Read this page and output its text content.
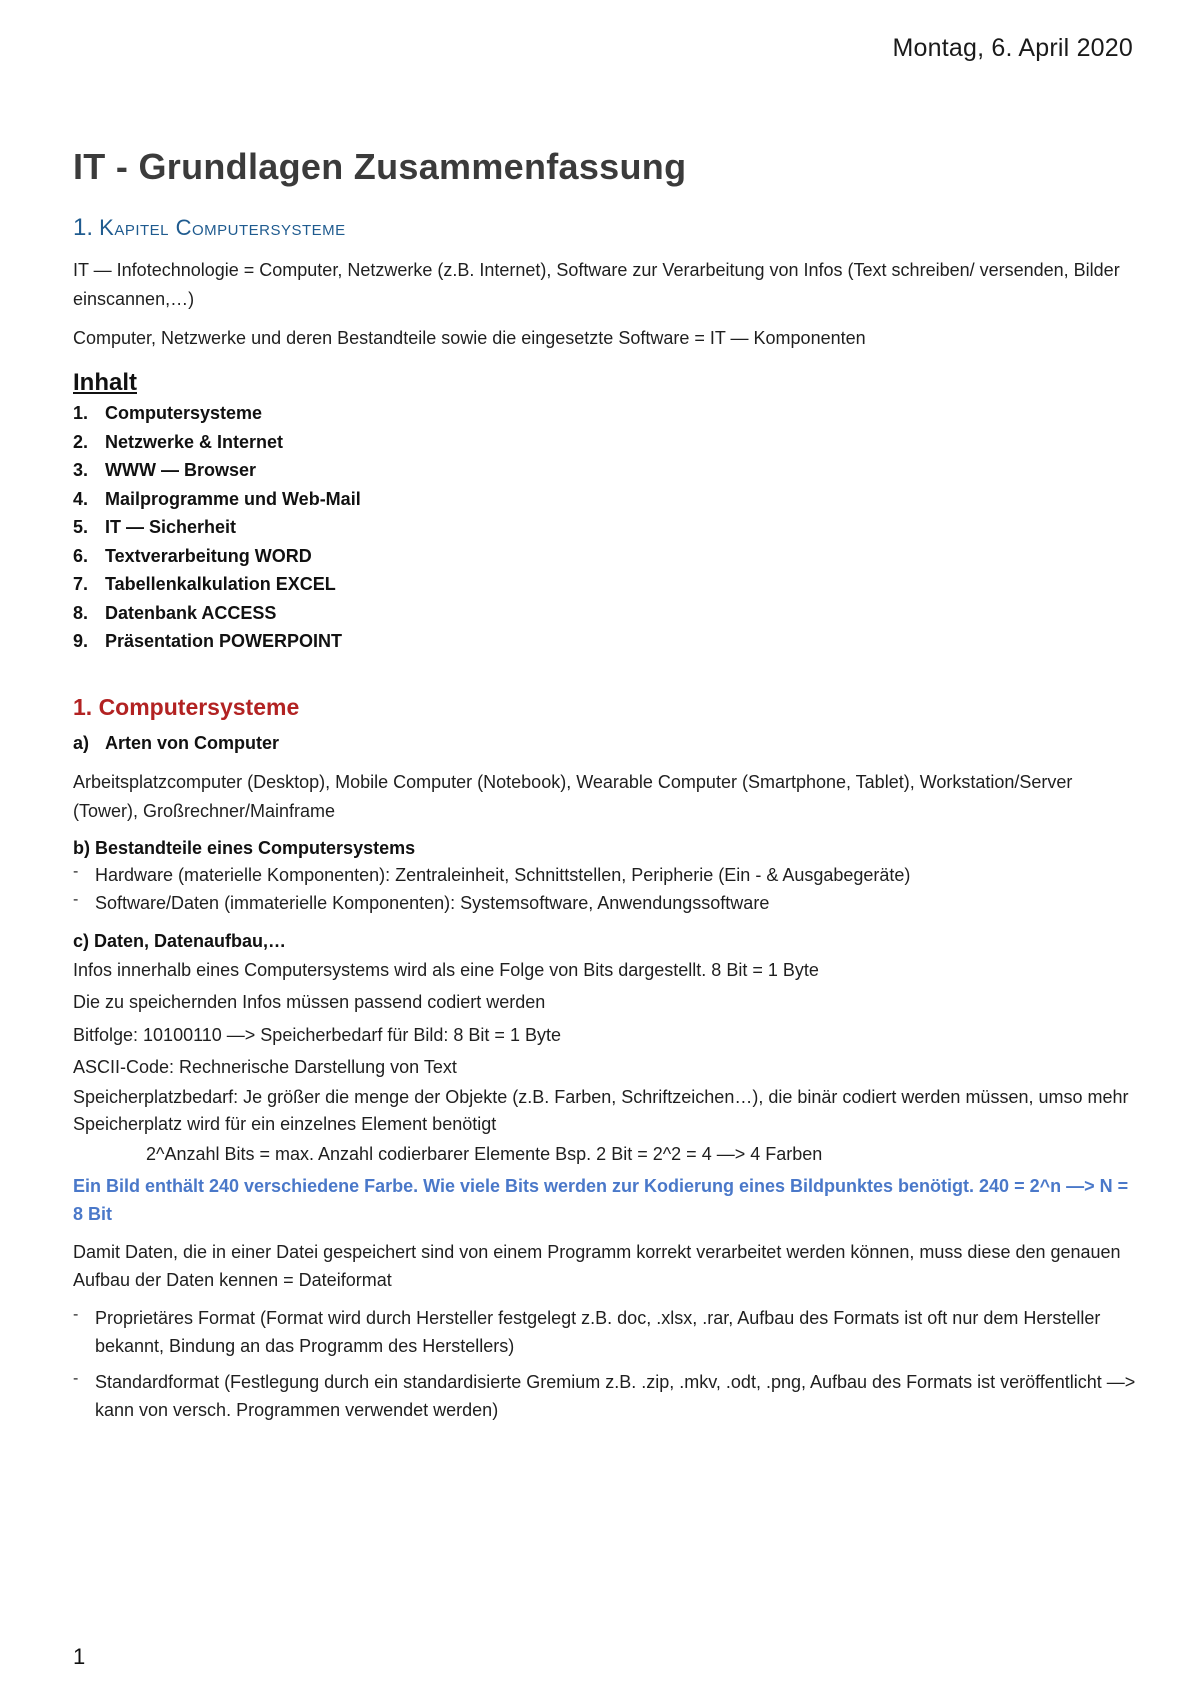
Montag, 6. April 2020
IT - Grundlagen Zusammenfassung
1. Kapitel Computersysteme

IT — Infotechnologie = Computer, Netzwerke (z.B. Internet), Software zur Verarbeitung von Infos (Text schreiben/ versenden, Bilder einscannen,…)

Computer, Netzwerke und deren Bestandteile sowie die eingesetzte Software = IT — Komponenten

Inhalt
1. Computersysteme
2. Netzwerke & Internet
3. WWW — Browser
4. Mailprogramme und Web-Mail
5. IT — Sicherheit
6. Textverarbeitung WORD
7. Tabellenkalkulation EXCEL
8. Datenbank ACCESS
9. Präsentation POWERPOINT
1. Computersysteme
a) Arten von Computer

Arbeitsplatzcomputer (Desktop), Mobile Computer (Notebook), Wearable Computer (Smartphone, Tablet), Workstation/Server (Tower), Großrechner/Mainframe

b) Bestandteile eines Computersystems
- Hardware (materielle Komponenten): Zentraleinheit, Schnittstellen, Peripherie (Ein - & Ausgabegeräte)
- Software/Daten (immaterielle Komponenten): Systemsoftware, Anwendungssoftware
c) Daten, Datenaufbau,…
Infos innerhalb eines Computersystems wird als eine Folge von Bits dargestellt. 8 Bit = 1 Byte
Die zu speichernden Infos müssen passend codiert werden
Bitfolge: 10100110 —> Speicherbedarf für Bild: 8 Bit = 1 Byte
ASCII-Code: Rechnerische Darstellung von Text

Speicherplatzbedarf: Je größer die menge der Objekte (z.B. Farben, Schriftzeichen…), die binär codiert werden müssen, umso mehr Speicherplatz wird für ein einzelnes Element benötigt

2^Anzahl Bits = max. Anzahl codierbarer Elemente Bsp. 2 Bit = 2^2 = 4 —> 4 Farben
Ein Bild enthält 240 verschiedene Farbe. Wie viele Bits werden zur Kodierung eines Bildpunktes benötigt. 240 = 2^n —> N = 8 Bit

Damit Daten, die in einer Datei gespeichert sind von einem Programm korrekt verarbeitet werden können, muss diese den genauen Aufbau der Daten kennen = Dateiformat

- Proprietäres Format (Format wird durch Hersteller festgelegt z.B. doc, .xlsx, .rar, Aufbau des Formats ist oft nur dem Hersteller bekannt, Bindung an das Programm des Herstellers)
- Standardformat (Festlegung durch ein standardisierte Gremium z.B. .zip, .mkv, .odt, .png, Aufbau des Formats ist veröffentlicht —> kann von versch. Programmen verwendet werden)
1
